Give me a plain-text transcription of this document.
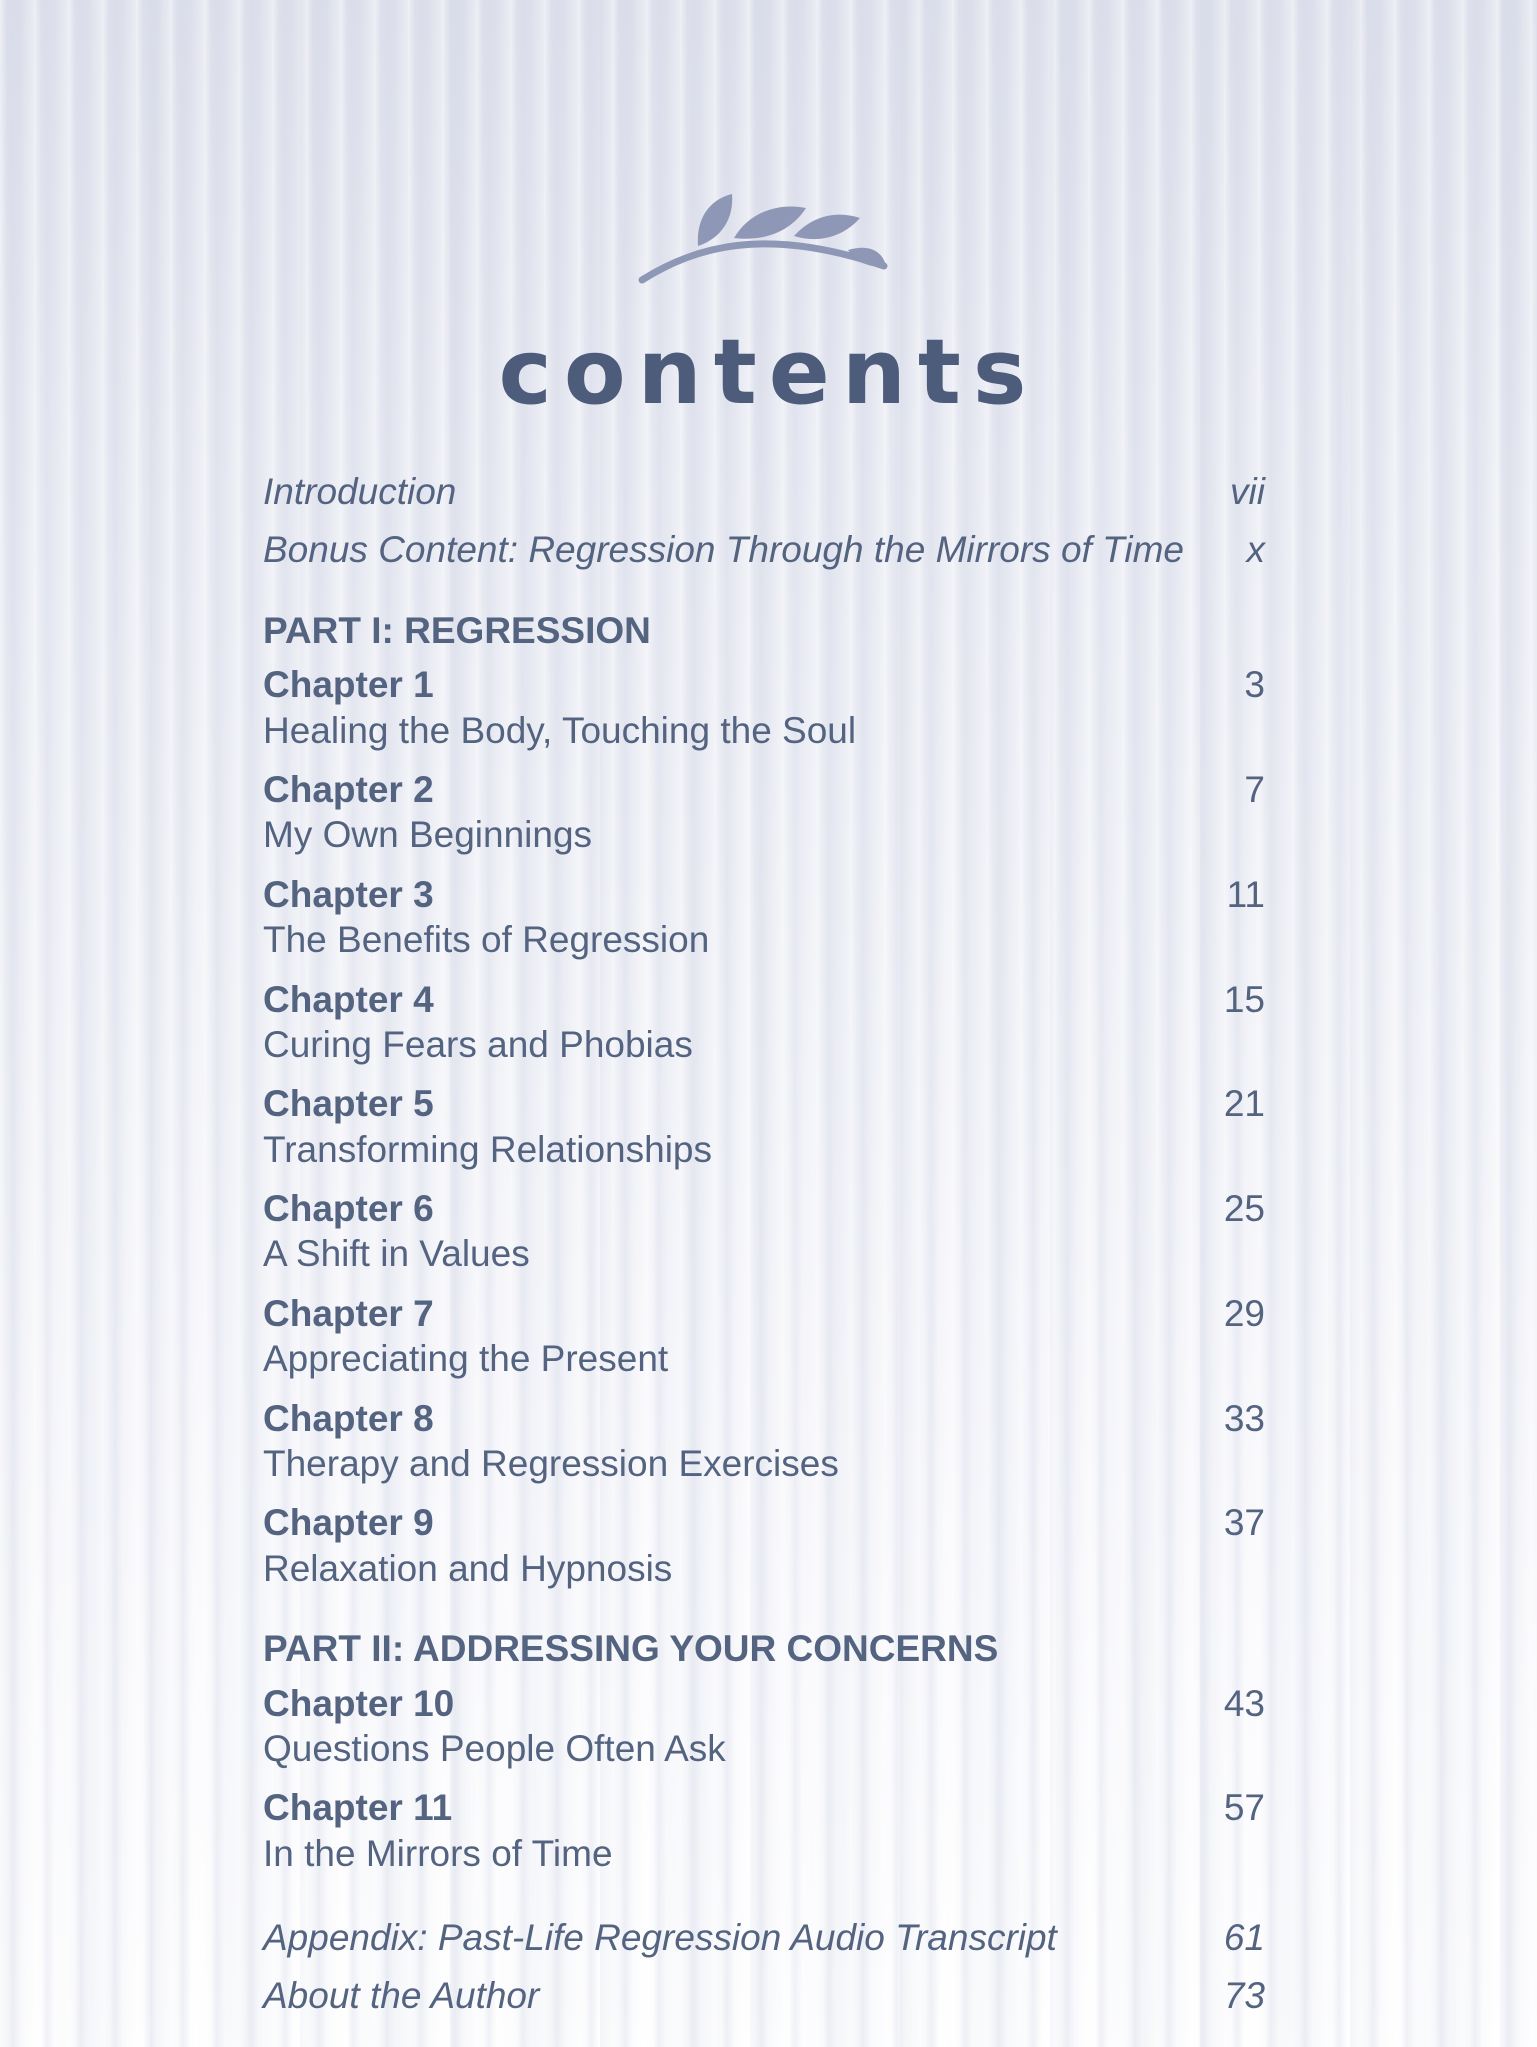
contents
Introduction	vii
Bonus Content: Regression Through the Mirrors of Time x
PART I: REGRESSION
Chapter 1	3
Healing the Body, Touching the Soul
Chapter 2	7
My Own Beginnings
Chapter 3	11
The Benefits of Regression
Chapter 4	15
Curing Fears and Phobias
Chapter 5	21
Transforming Relationships
Chapter 6	25
A Shift in Values
Chapter 7	29
Appreciating the Present
Chapter 8	33
Therapy and Regression Exercises
Chapter 9	37
Relaxation and Hypnosis
PART II: ADDRESSING YOUR CONCERNS
Chapter 10	43
Questions People Often Ask
Chapter 11	57
In the Mirrors of Time
Appendix: Past-Life Regression Audio Transcript	61
About the Author	73
